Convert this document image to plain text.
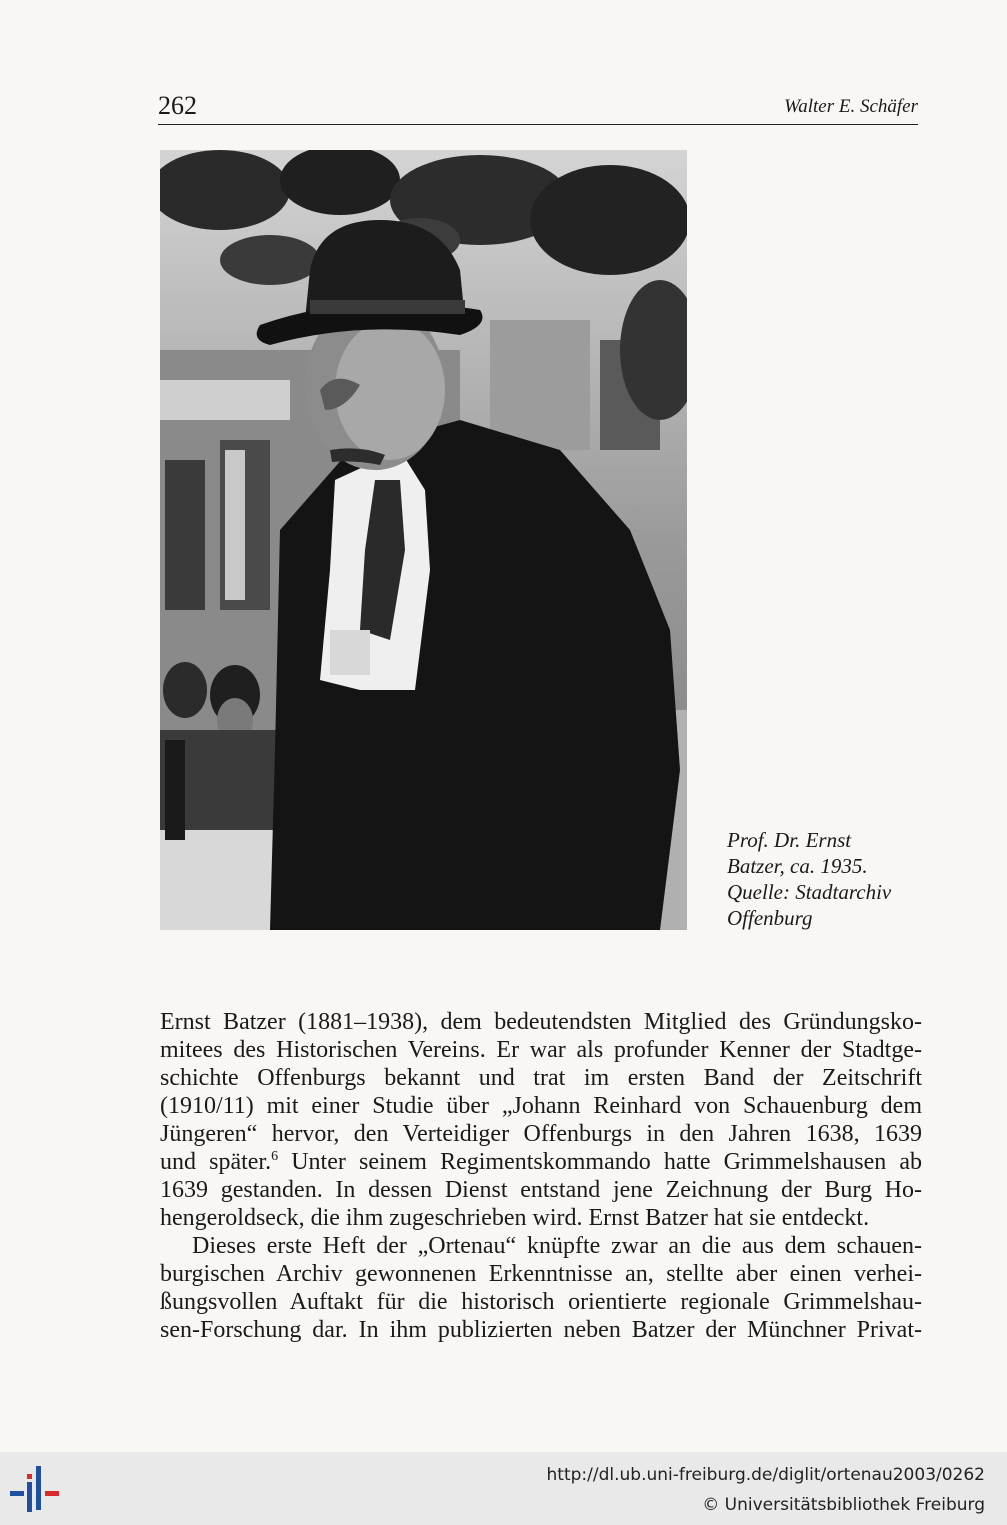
262	Walter E. Schäfer
Prof. Dr. Ernst
Batzer, ca. 1935.
Quelle: Stadtarchiv
Offenburg
Ernst Batzer (1881–1938), dem bedeutendsten Mitglied des Gründungsko-
mitees des Historischen Vereins. Er war als profunder Kenner der Stadtge-
schichte Offenburgs bekannt und trat im ersten Band der Zeitschrift
(1910/11) mit einer Studie über „Johann Reinhard von Schauenburg dem
Jüngeren“ hervor, den Verteidiger Offenburgs in den Jahren 1638, 1639
und später.$^6$ Unter seinem Regimentskommando hatte Grimmelshausen ab
1639 gestanden. In dessen Dienst entstand jene Zeichnung der Burg Ho-
hengeroldseck, die ihm zugeschrieben wird. Ernst Batzer hat sie entdeckt.
Dieses erste Heft der „Ortenau“ knüpfte zwar an die aus dem schauen-
burgischen Archiv gewonnenen Erkenntnisse an, stellte aber einen verhei-
ßungsvollen Auftakt für die historisch orientierte regionale Grimmelshau-
sen-Forschung dar. In ihm publizierten neben Batzer der Münchner Privat-
http://dl.ub.uni-freiburg.de/diglit/ortenau2003/0262
© Universitätsbibliothek Freiburg
